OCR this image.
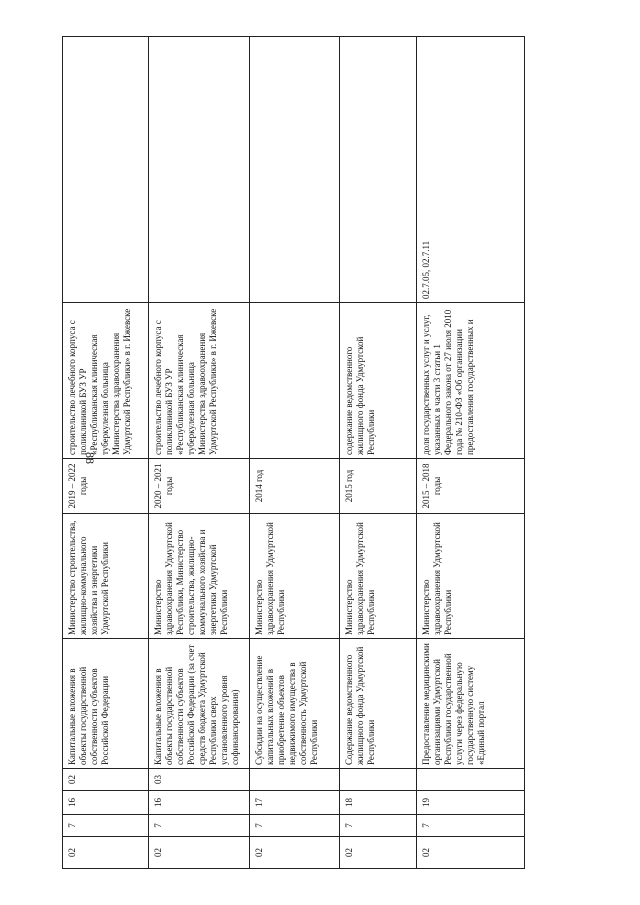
88
02	7	16	02	Капитальные вложения в объекты государственной собственности субъектов Российской Федерации	Министерство строительства, жилищно-коммунального хозяйства и энергетики Удмуртской Республики	2019 – 2022 годы	строительство лечебного корпуса с поликлиникой БУЗ УР «Республиканская клиническая туберкулезная больница Министерства здравоохранения Удмуртской Республики» в г. Ижевске	
02	7	16	03	Капитальные вложения в объекты государственной собственности субъектов Российской Федерации (за счет средств бюджета Удмуртской Республики сверх установленного уровня софинансирования)	Министерство здравоохранения Удмуртской Республики, Министерство строительства, жилищно-коммунального хозяйства и энергетики Удмуртской Республики	2020 – 2021 годы	строительство лечебного корпуса с поликлиникой БУЗ УР «Республиканская клиническая туберкулезная больница Министерства здравоохранения Удмуртской Республики» в г. Ижевске	
02	7	17		Субсидии на осуществление капитальных вложений в приобретение объектов недвижимого имущества в собственность Удмуртской Республики	Министерство здравоохранения Удмуртской Республики	2014 год		
02	7	18		Содержание ведомственного жилищного фонда Удмуртской Республики	Министерство здравоохранения Удмуртской Республики	2015 год	содержание ведомственного жилищного фонда Удмуртской Республики	
02	7	19		Предоставление медицинскими организациями Удмуртской Республики государственной услуги через федеральную государственную систему «Единый портал	Министерство здравоохранения Удмуртской Республики	2015 – 2018 годы	доля государственных услуг и услуг, указанных в части 3 статьи 1 Федерального закона от 27 июля 2010 года № 210-ФЗ «Об организации предоставления государственных и	02.7.05, 02.7.11
